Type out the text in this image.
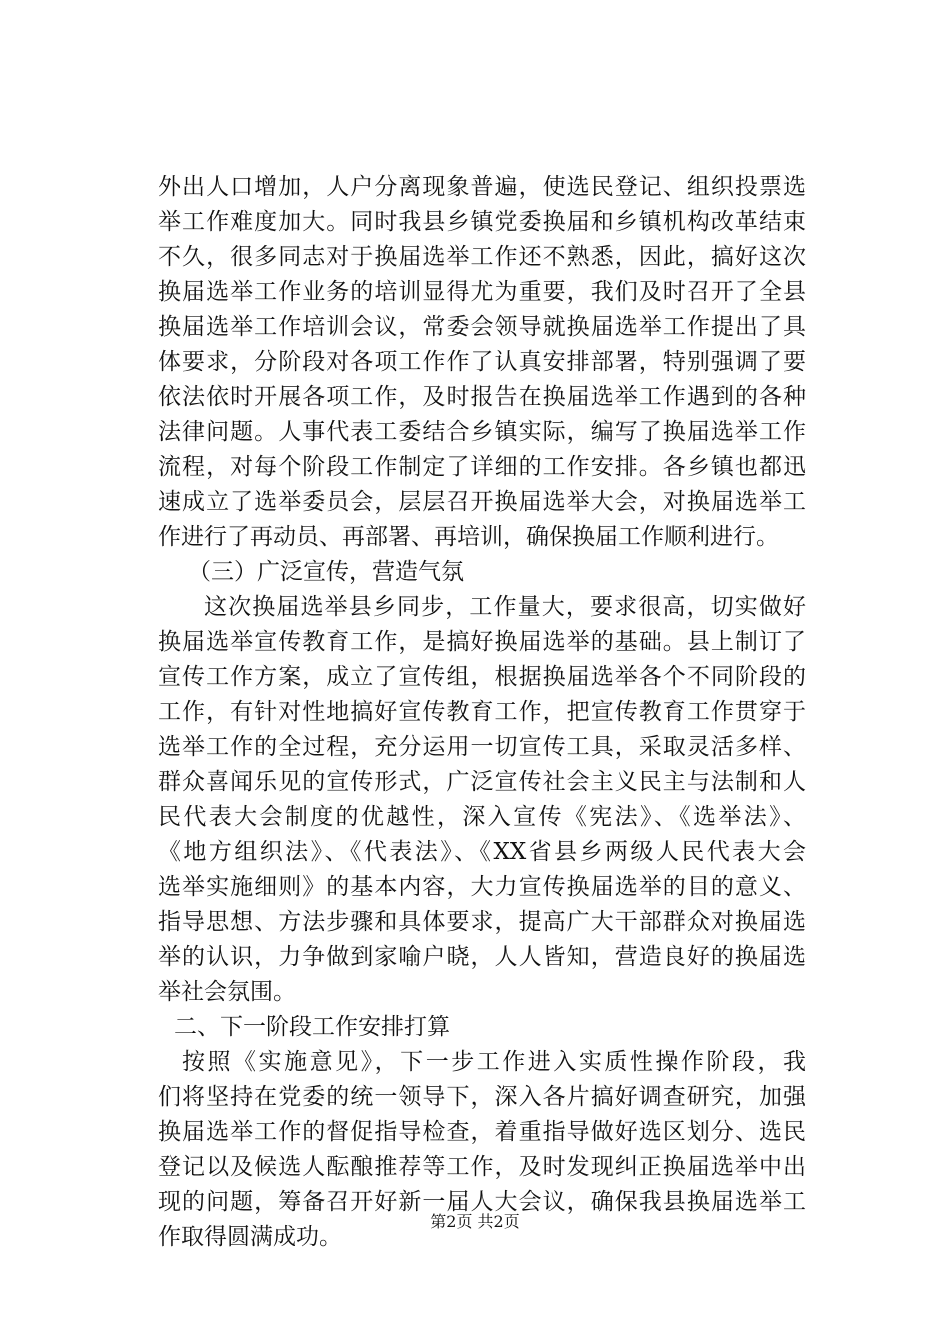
外出人口增加，人户分离现象普遍，使选民登记、组织投票选
举工作难度加大。同时我县乡镇党委换届和乡镇机构改革结束
不久，很多同志对于换届选举工作还不熟悉，因此，搞好这次
换届选举工作业务的培训显得尤为重要，我们及时召开了全县
换届选举工作培训会议，常委会领导就换届选举工作提出了具
体要求，分阶段对各项工作作了认真安排部署，特别强调了要
依法依时开展各项工作，及时报告在换届选举工作遇到的各种
法律问题。人事代表工委结合乡镇实际，编写了换届选举工作
流程，对每个阶段工作制定了详细的工作安排。各乡镇也都迅
速成立了选举委员会，层层召开换届选举大会，对换届选举工
作进行了再动员、再部署、再培训，确保换届工作顺利进行。
（三）广泛宣传，营造气氛
这次换届选举县乡同步，工作量大，要求很高，切实做好
换届选举宣传教育工作，是搞好换届选举的基础。县上制订了
宣传工作方案，成立了宣传组，根据换届选举各个不同阶段的
工作，有针对性地搞好宣传教育工作，把宣传教育工作贯穿于
选举工作的全过程，充分运用一切宣传工具，采取灵活多样、
群众喜闻乐见的宣传形式，广泛宣传社会主义民主与法制和人
民代表大会制度的优越性，深入宣传《宪法》、《选举法》、
《地方组织法》、《代表法》、《XX省县乡两级人民代表大会
选举实施细则》的基本内容，大力宣传换届选举的目的意义、
指导思想、方法步骤和具体要求，提高广大干部群众对换届选
举的认识，力争做到家喻户晓，人人皆知，营造良好的换届选
举社会氛围。
二、下一阶段工作安排打算
按照《实施意见》，下一步工作进入实质性操作阶段，我
们将坚持在党委的统一领导下，深入各片搞好调查研究，加强
换届选举工作的督促指导检查，着重指导做好选区划分、选民
登记以及候选人酝酿推荐等工作，及时发现纠正换届选举中出
现的问题，筹备召开好新一届人大会议，确保我县换届选举工
作取得圆满成功。
第2页 共2页
